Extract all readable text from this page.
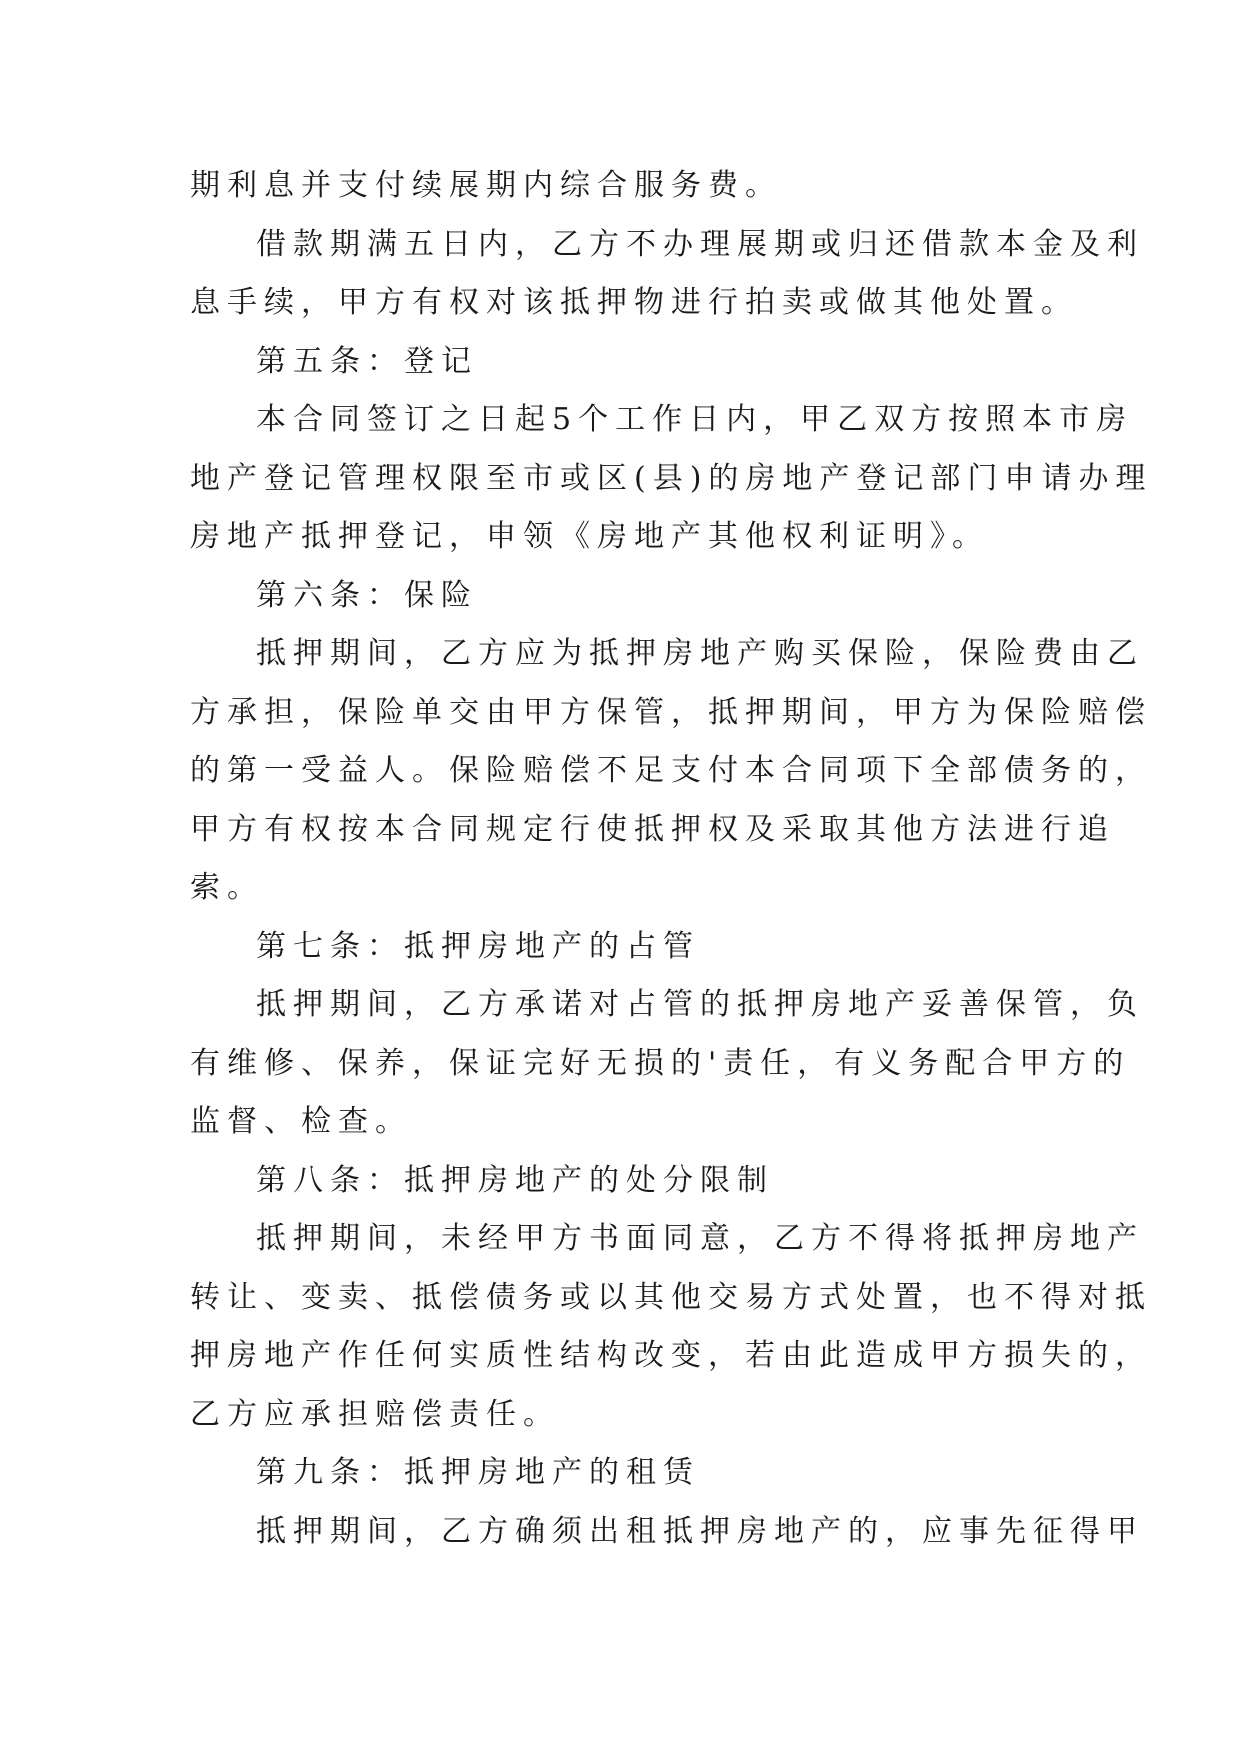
期利息并支付续展期内综合服务费。
借款期满五日内，乙方不办理展期或归还借款本金及利
息手续，甲方有权对该抵押物进行拍卖或做其他处置。
第五条：登记
本合同签订之日起5个工作日内，甲乙双方按照本市房
地产登记管理权限至市或区(县)的房地产登记部门申请办理
房地产抵押登记，申领《房地产其他权利证明》。
第六条：保险
抵押期间，乙方应为抵押房地产购买保险，保险费由乙
方承担，保险单交由甲方保管，抵押期间，甲方为保险赔偿
的第一受益人。保险赔偿不足支付本合同项下全部债务的，
甲方有权按本合同规定行使抵押权及采取其他方法进行追
索。
第七条：抵押房地产的占管
抵押期间，乙方承诺对占管的抵押房地产妥善保管，负
有维修、保养，保证完好无损的'责任，有义务配合甲方的
监督、检查。
第八条：抵押房地产的处分限制
抵押期间，未经甲方书面同意，乙方不得将抵押房地产
转让、变卖、抵偿债务或以其他交易方式处置，也不得对抵
押房地产作任何实质性结构改变，若由此造成甲方损失的，
乙方应承担赔偿责任。
第九条：抵押房地产的租赁
抵押期间，乙方确须出租抵押房地产的，应事先征得甲
